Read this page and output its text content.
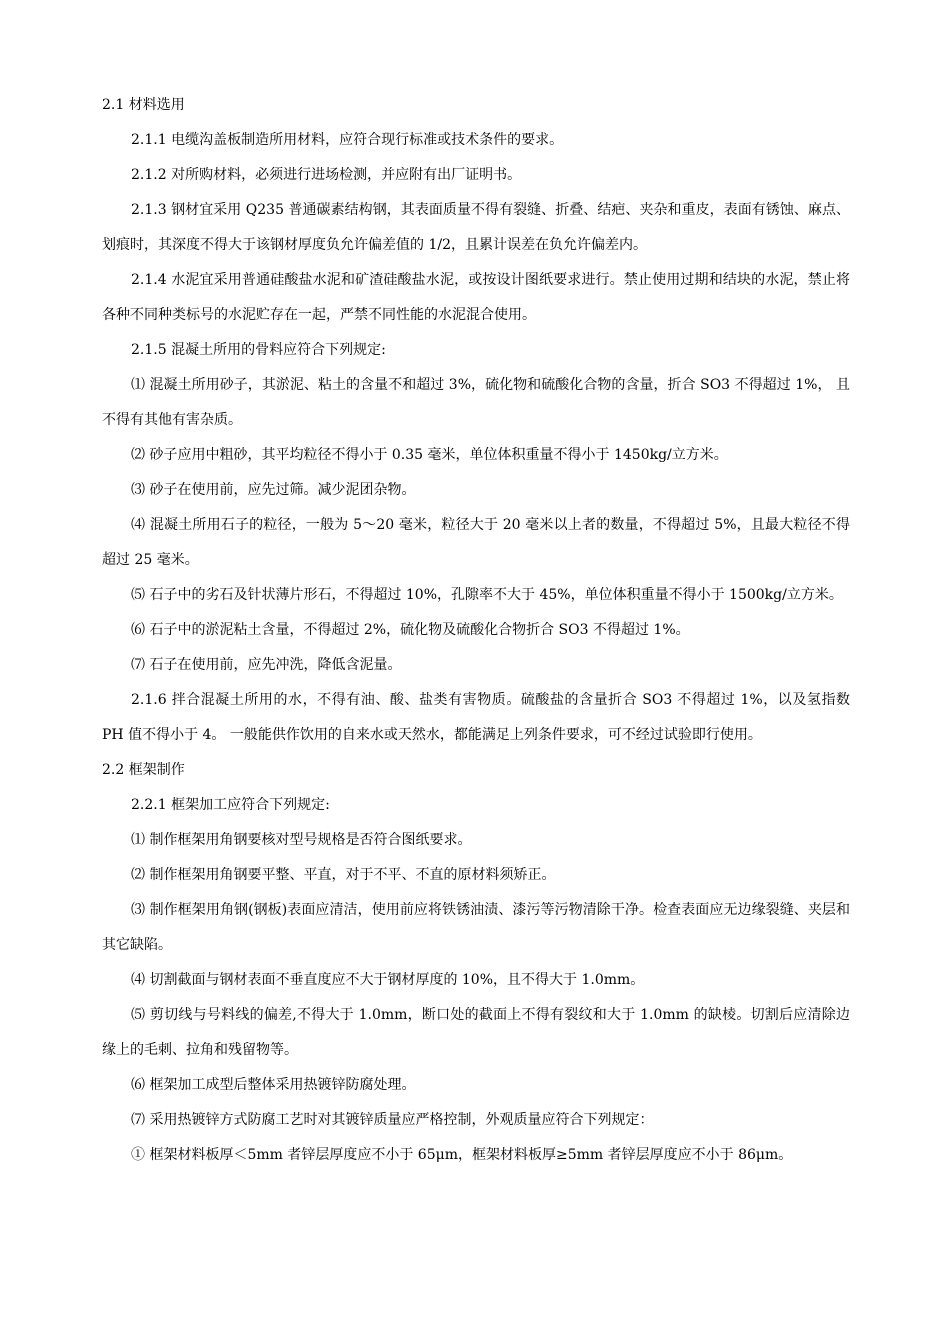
2.1 材料选用

2.1.1 电缆沟盖板制造所用材料，应符合现行标准或技术条件的要求。

2.1.2 对所购材料，必须进行进场检测，并应附有出厂证明书。

2.1.3 钢材宜采用 Q235 普通碳素结构钢，其表面质量不得有裂缝、折叠、结疤、夹杂和重皮，表面有锈蚀、麻点、划痕时，其深度不得大于该钢材厚度负允许偏差值的 1/2，且累计误差在负允许偏差内。

2.1.4 水泥宜采用普通硅酸盐水泥和矿渣硅酸盐水泥，或按设计图纸要求进行。禁止使用过期和结块的水泥，禁止将各种不同种类标号的水泥贮存在一起，严禁不同性能的水泥混合使用。

2.1.5 混凝土所用的骨料应符合下列规定:

⑴ 混凝土所用砂子，其淤泥、粘土的含量不和超过 3%，硫化物和硫酸化合物的含量，折合 SO3 不得超过 1%， 且不得有其他有害杂质。

⑵ 砂子应用中粗砂，其平均粒径不得小于 0.35 毫米，单位体积重量不得小于 1450kg/立方米。

⑶ 砂子在使用前，应先过筛。减少泥团杂物。

⑷ 混凝土所用石子的粒径，一般为 5～20 毫米，粒径大于 20 毫米以上者的数量，不得超过 5%，且最大粒径不得超过 25 毫米。

⑸ 石子中的劣石及针状薄片形石，不得超过 10%，孔隙率不大于 45%，单位体积重量不得小于 1500kg/立方米。

⑹ 石子中的淤泥粘土含量，不得超过 2%，硫化物及硫酸化合物折合 SO3 不得超过 1%。

⑺ 石子在使用前，应先冲洗，降低含泥量。

2.1.6 拌合混凝土所用的水，不得有油、酸、盐类有害物质。硫酸盐的含量折合 SO3 不得超过 1%，以及氢指数 PH 值不得小于 4。 一般能供作饮用的自来水或天然水，都能满足上列条件要求，可不经过试验即行使用。

2.2 框架制作

2.2.1 框架加工应符合下列规定:

⑴ 制作框架用角钢要核对型号规格是否符合图纸要求。

⑵ 制作框架用角钢要平整、平直，对于不平、不直的原材料须矫正。

⑶ 制作框架用角钢(钢板)表面应清洁，使用前应将铁锈油渍、漆污等污物清除干净。检查表面应无边缘裂缝、夹层和其它缺陷。

⑷ 切割截面与钢材表面不垂直度应不大于钢材厚度的 10%，且不得大于 1.0mm。

⑸ 剪切线与号料线的偏差,不得大于 1.0mm，断口处的截面上不得有裂纹和大于 1.0mm 的缺棱。切割后应清除边缘上的毛刺、拉角和残留物等。

⑹ 框架加工成型后整体采用热镀锌防腐处理。

⑺ 采用热镀锌方式防腐工艺时对其镀锌质量应严格控制，外观质量应符合下列规定：

① 框架材料板厚＜5mm 者锌层厚度应不小于 65μm，框架材料板厚≥5mm 者锌层厚度应不小于 86μm。
